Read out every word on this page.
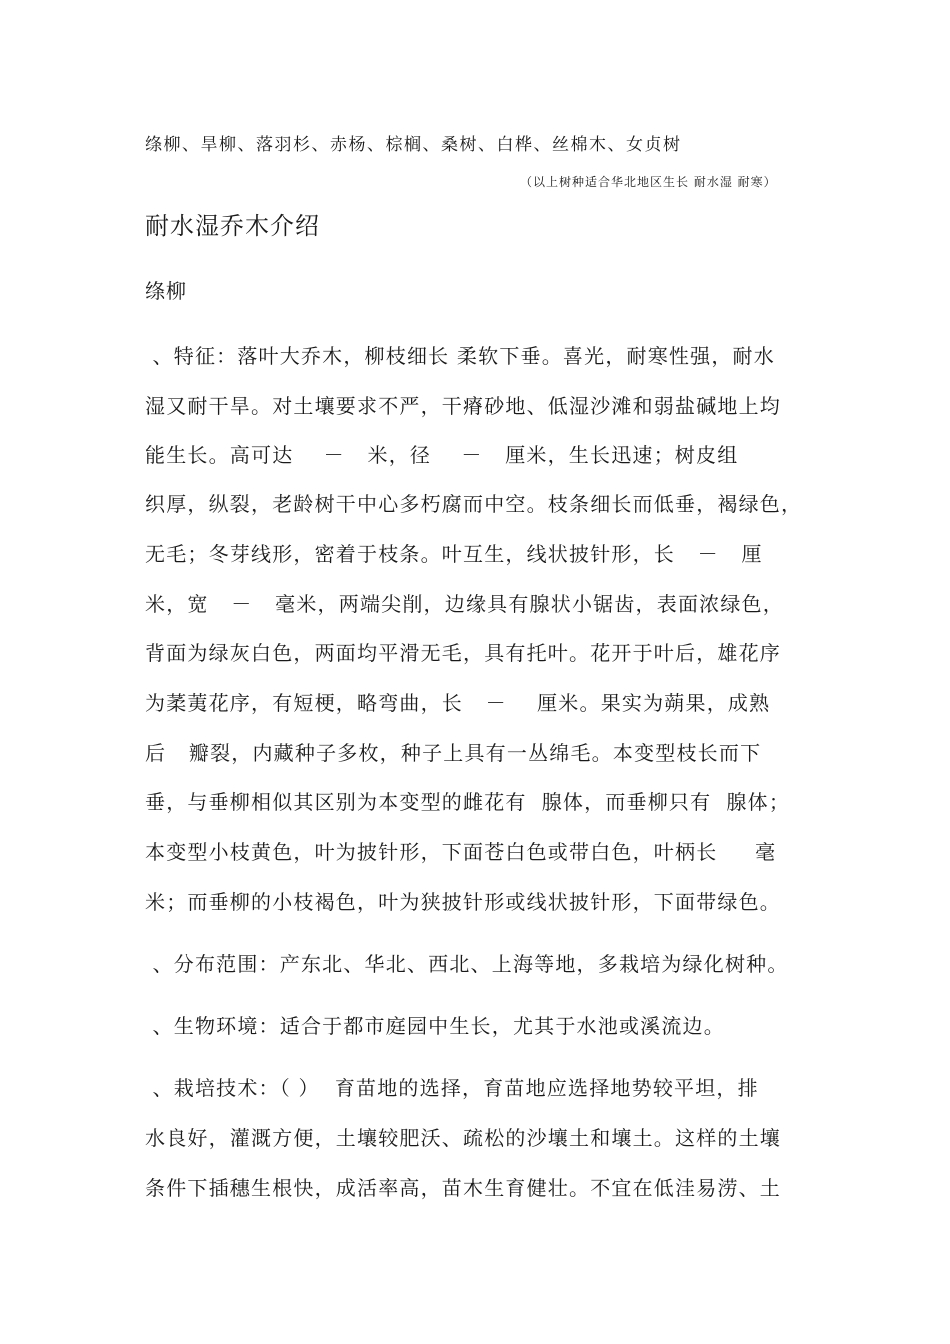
绦柳、旱柳、落羽杉、赤杨、棕榈、桑树、白桦、丝棉木、女贞树
（以上树种适合华北地区生长 耐水湿 耐寒）
耐水湿乔木介绍
绦柳
、特征：落叶大乔木，柳枝细长 柔软下垂。喜光，耐寒性强，耐水
湿又耐干旱。对土壤要求不严，干瘠砂地、低湿沙滩和弱盐碱地上均
能生长。高可达    －   米，径    －   厘米，生长迅速；树皮组
织厚，纵裂，老龄树干中心多朽腐而中空。枝条细长而低垂，褐绿色，
无毛；冬芽线形，密着于枝条。叶互生，线状披针形，长   －   厘
米，宽   －   毫米，两端尖削，边缘具有腺状小锯齿，表面浓绿色，
背面为绿灰白色，两面均平滑无毛，具有托叶。花开于叶后，雄花序
为葇荑花序，有短梗，略弯曲，长   －    厘米。果实为蒴果，成熟
后   瓣裂，内藏种子多枚，种子上具有一丛绵毛。本变型枝长而下
垂，与垂柳相似其区别为本变型的雌花有  腺体，而垂柳只有  腺体；
本变型小枝黄色，叶为披针形，下面苍白色或带白色，叶柄长     毫
米；而垂柳的小枝褐色，叶为狭披针形或线状披针形，下面带绿色。
、分布范围：产东北、华北、西北、上海等地，多栽培为绿化树种。
、生物环境：适合于都市庭园中生长，尤其于水池或溪流边。
、栽培技术：（ ）  育苗地的选择，育苗地应选择地势较平坦，排
水良好，灌溉方便，土壤较肥沃、疏松的沙壤土和壤土。这样的土壤
条件下插穗生根快，成活率高，苗木生育健壮。不宜在低洼易涝、土
